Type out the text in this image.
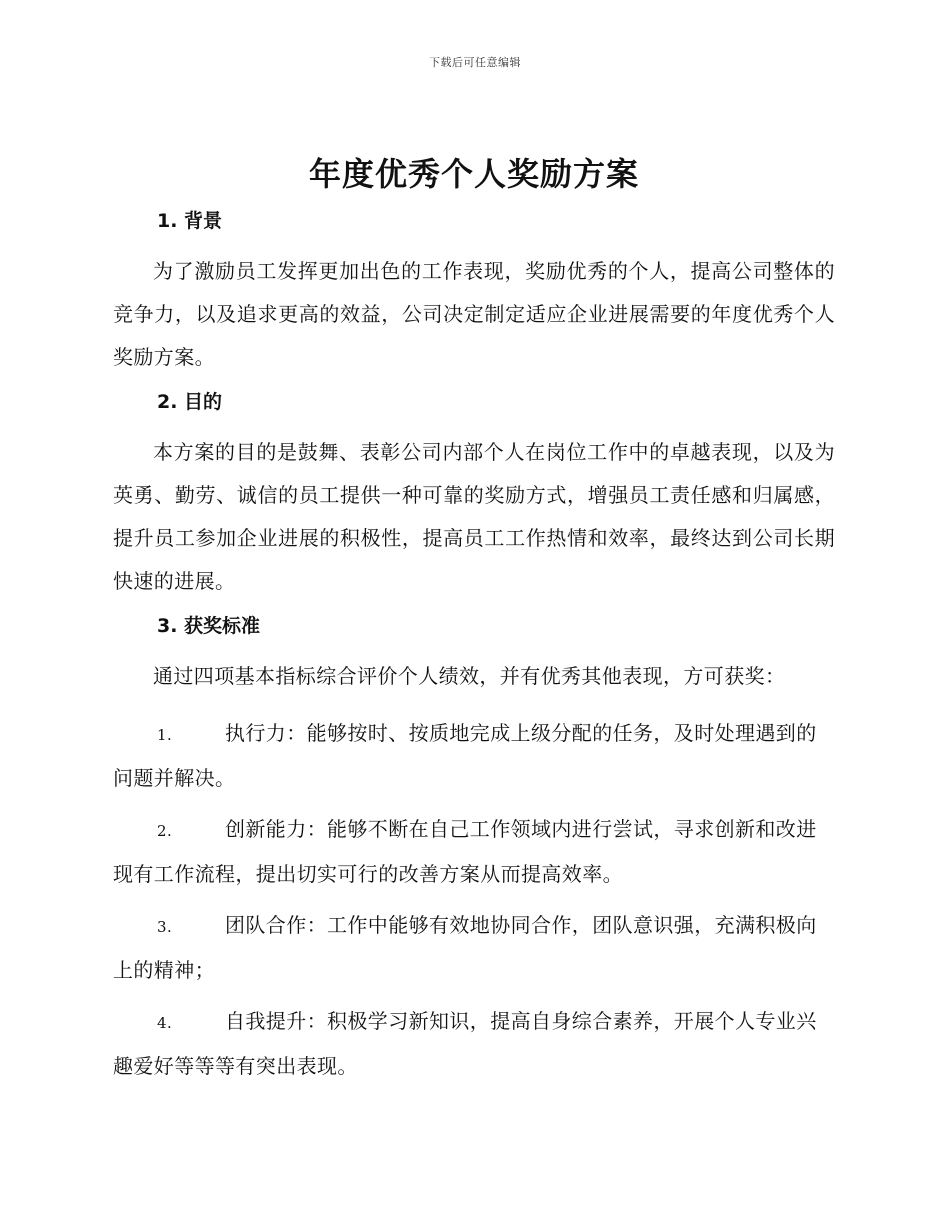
下载后可任意编辑
年度优秀个人奖励方案
1. 背景

为了激励员工发挥更加出色的工作表现，奖励优秀的个人，提高公司整体的竞争力，以及追求更高的效益，公司决定制定适应企业进展需要的年度优秀个人奖励方案。

2. 目的

本方案的目的是鼓舞、表彰公司内部个人在岗位工作中的卓越表现，以及为英勇、勤劳、诚信的员工提供一种可靠的奖励方式，增强员工责任感和归属感，提升员工参加企业进展的积极性，提高员工工作热情和效率，最终达到公司长期快速的进展。

3. 获奖标准

通过四项基本指标综合评价个人绩效，并有优秀其他表现，方可获奖：

1.	执行力：能够按时、按质地完成上级分配的任务，及时处理遇到的问题并解决。
2.	创新能力：能够不断在自己工作领域内进行尝试，寻求创新和改进现有工作流程，提出切实可行的改善方案从而提高效率。
3.	团队合作：工作中能够有效地协同合作，团队意识强，充满积极向上的精神；
4.	自我提升：积极学习新知识，提高自身综合素养，开展个人专业兴趣爱好等等等有突出表现。
